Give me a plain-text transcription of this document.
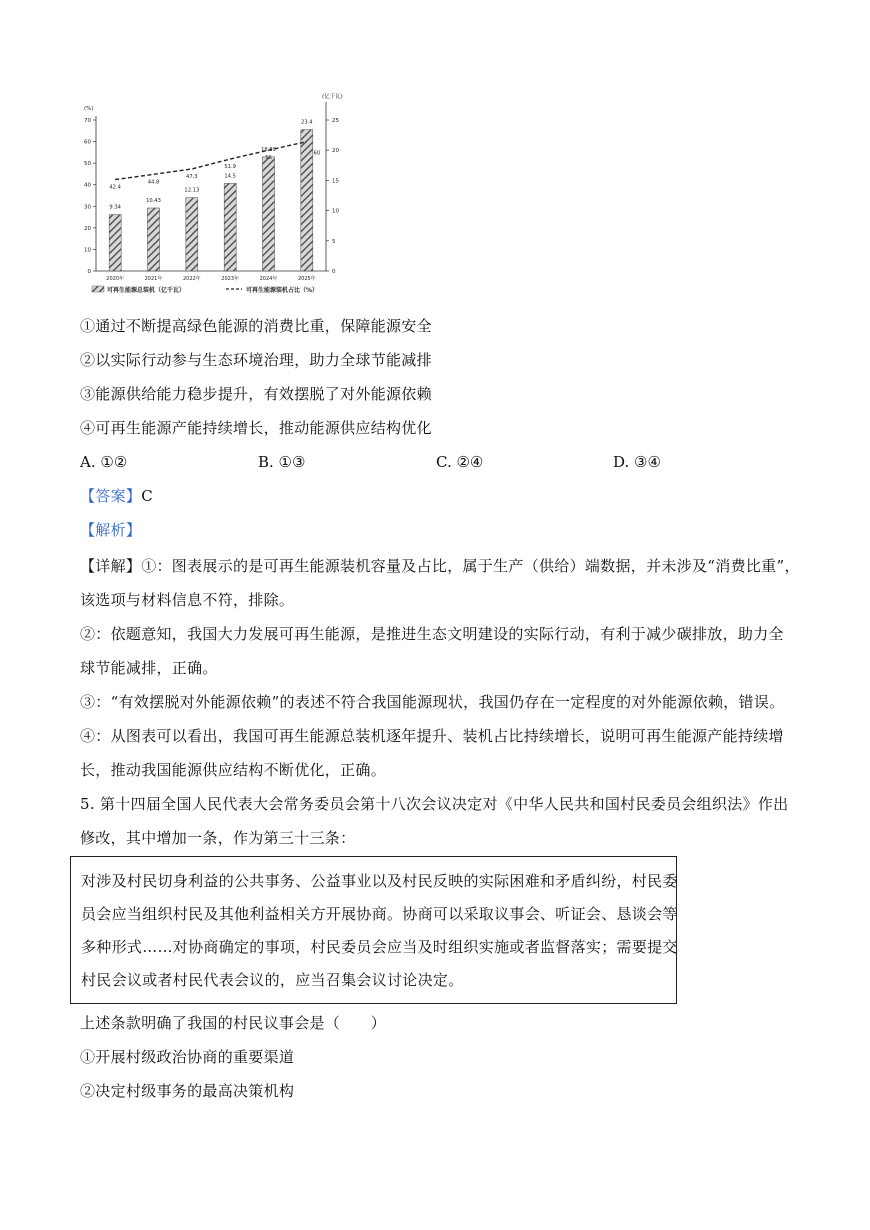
0
10
20
30
40
50
60
70
(%)
0
5
10
15
20
25
(亿千瓦)
9.34
2020年
10.43
2021年
12.13
2022年
14.5
2023年
18.89
2024年
23.4
2025年
42.4
44.8
47.3
51.9
56
60
可再生能源总装机（亿千瓦）	可再生能源装机占比（%）
①通过不断提高绿色能源的消费比重，保障能源安全
②以实际行动参与生态环境治理，助力全球节能减排
③能源供给能力稳步提升，有效摆脱了对外能源依赖
④可再生能源产能持续增长，推动能源供应结构优化
A. ①②	B. ①③	C. ②④	D. ③④
【答案】C
【解析】
【详解】①：图表展示的是可再生能源装机容量及占比，属于生产（供给）端数据，并未涉及“消费比重”，
该选项与材料信息不符，排除。
②：依题意知，我国大力发展可再生能源，是推进生态文明建设的实际行动，有利于减少碳排放，助力全
球节能减排，正确。
③：“有效摆脱对外能源依赖”的表述不符合我国能源现状，我国仍存在一定程度的对外能源依赖，错误。
④：从图表可以看出，我国可再生能源总装机逐年提升、装机占比持续增长，说明可再生能源产能持续增
长，推动我国能源供应结构不断优化，正确。
5. 第十四届全国人民代表大会常务委员会第十八次会议决定对《中华人民共和国村民委员会组织法》作出
修改，其中增加一条，作为第三十三条：
对涉及村民切身利益的公共事务、公益事业以及村民反映的实际困难和矛盾纠纷，村民委
员会应当组织村民及其他利益相关方开展协商。协商可以采取议事会、听证会、恳谈会等
多种形式……对协商确定的事项，村民委员会应当及时组织实施或者监督落实；需要提交
村民会议或者村民代表会议的，应当召集会议讨论决定。
上述条款明确了我国的村民议事会是（　　）
①开展村级政治协商的重要渠道
②决定村级事务的最高决策机构
